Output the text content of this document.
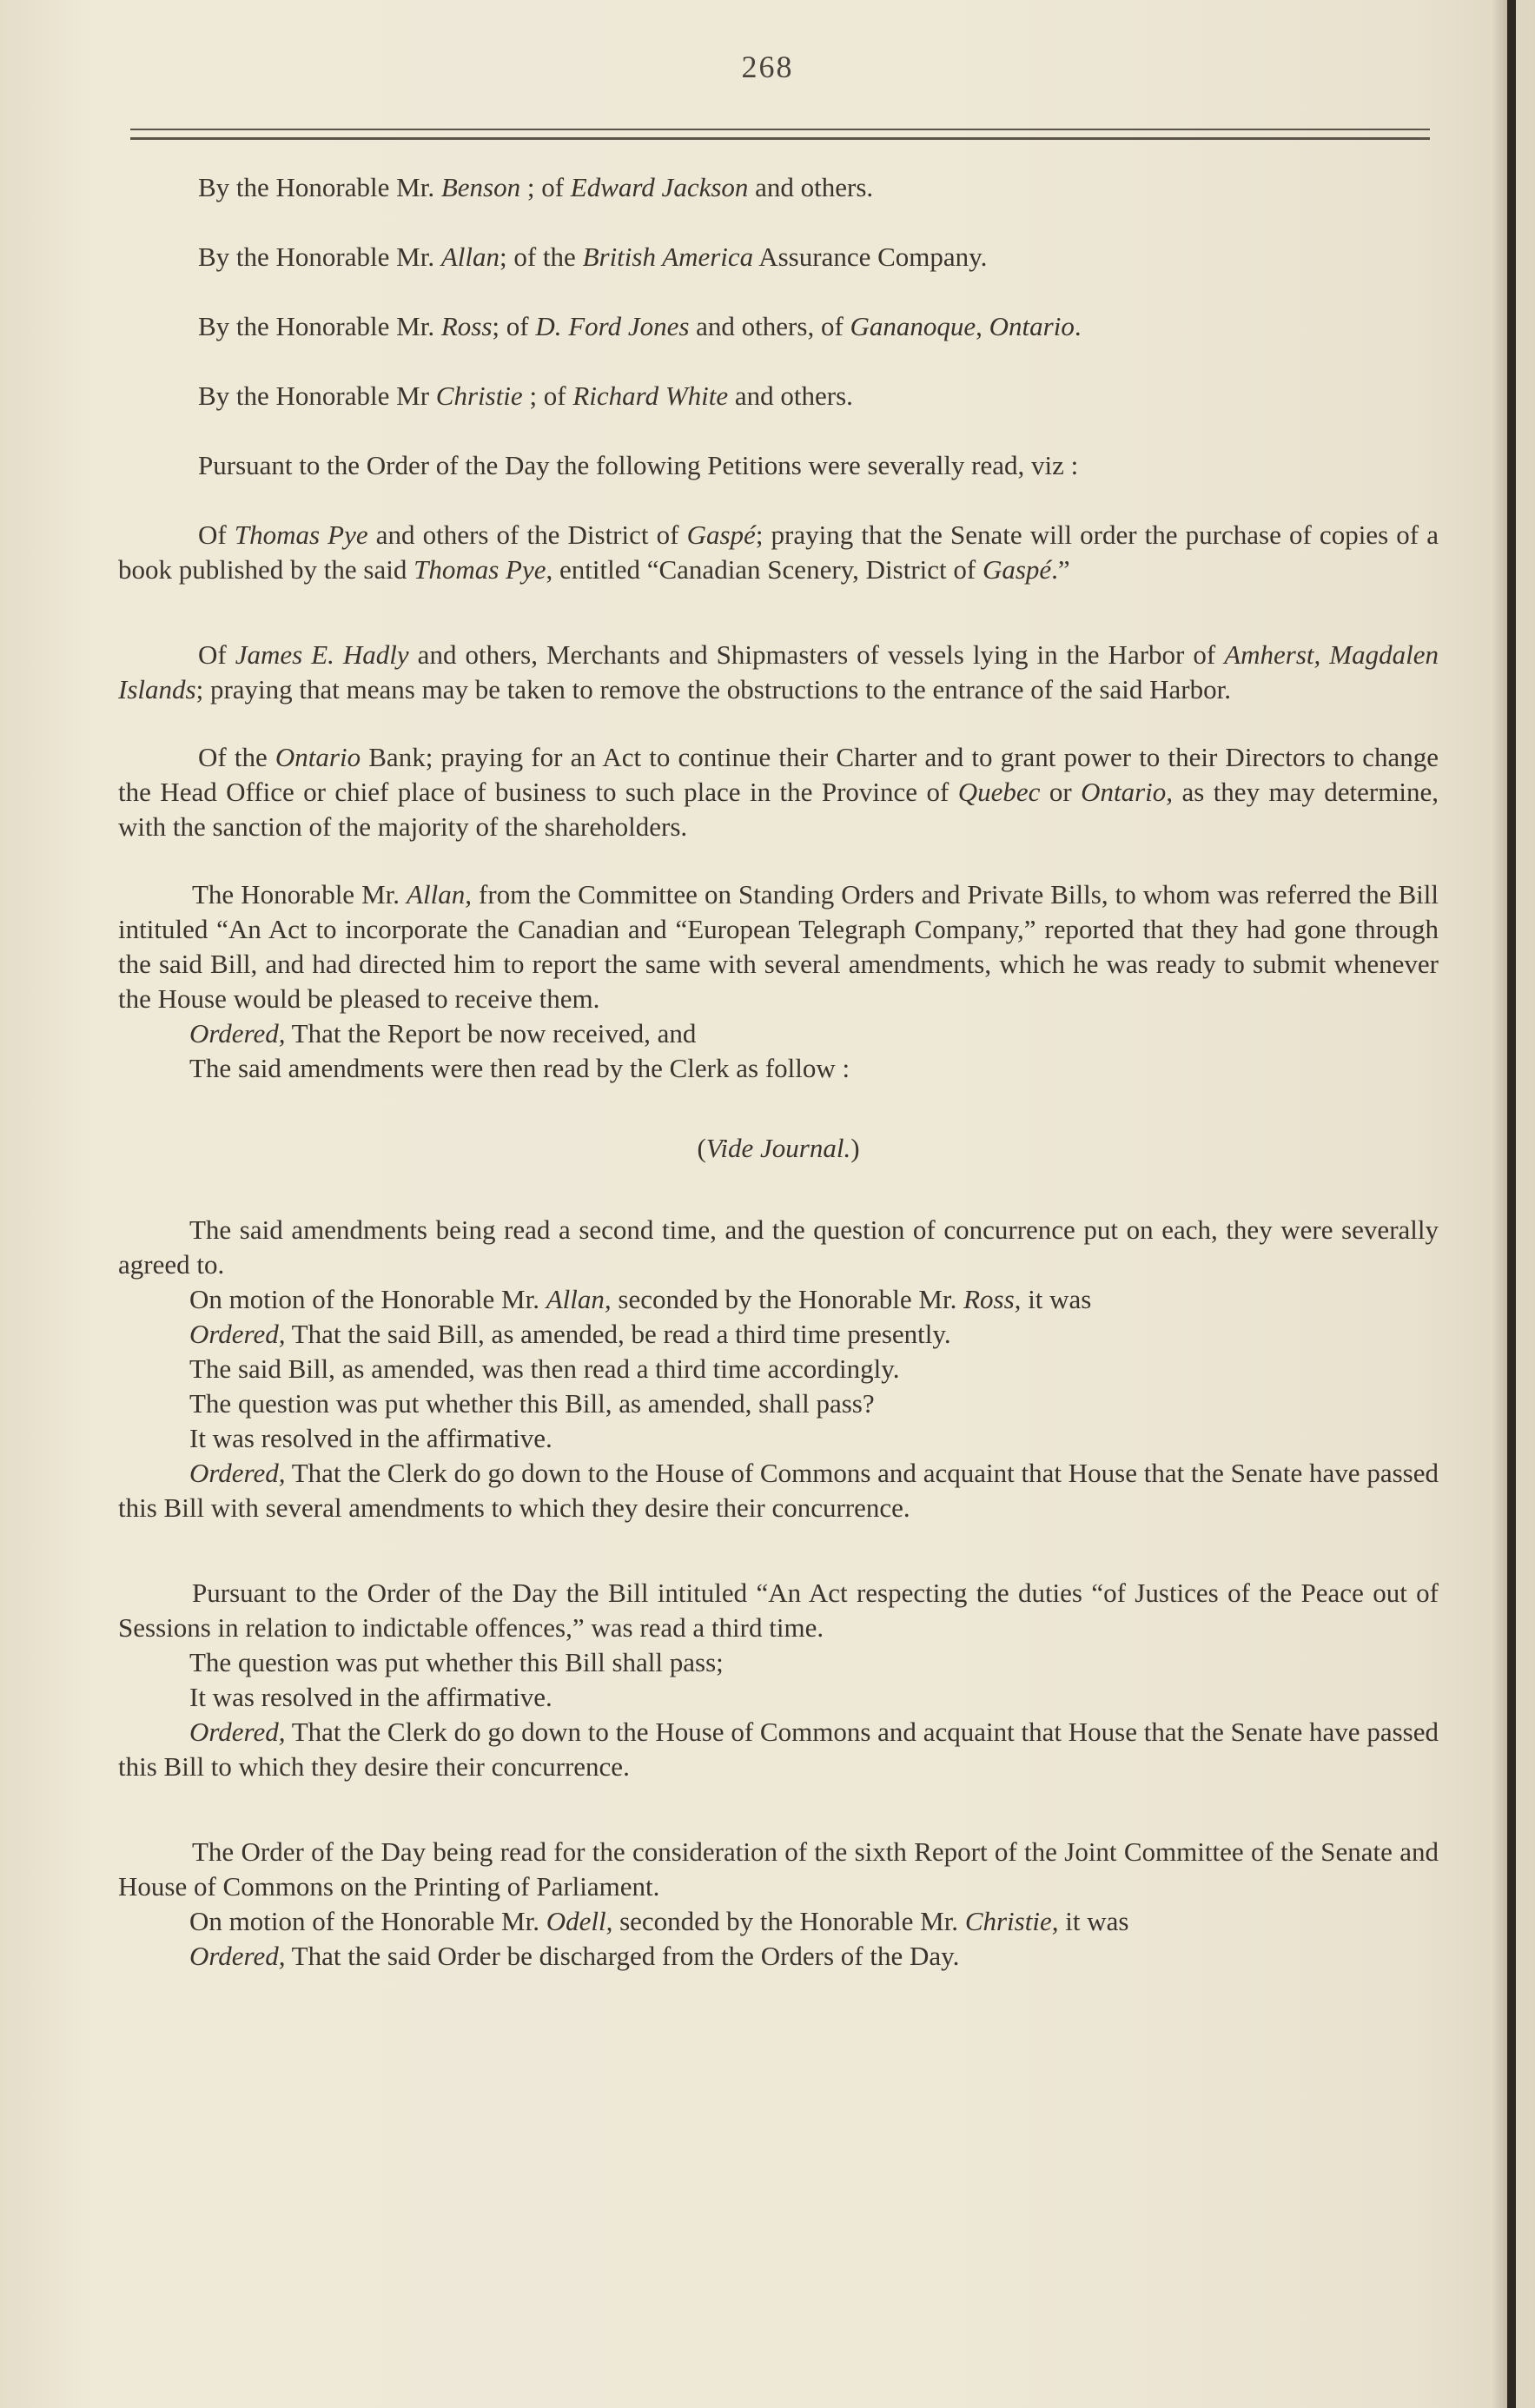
268

By the Honorable Mr. Benson ; of Edward Jackson and others.

By the Honorable Mr. Allan; of the British America Assurance Company.

By the Honorable Mr. Ross; of D. Ford Jones and others, of Gananoque, Ontario.

By the Honorable Mr Christie ; of Richard White and others.

Pursuant to the Order of the Day the following Petitions were severally read, viz :

Of Thomas Pye and others of the District of Gaspé; praying that the Senate will order the purchase of copies of a book published by the said Thomas Pye, entitled “Canadian Scenery, District of Gaspé.”

Of James E. Hadly and others, Merchants and Shipmasters of vessels lying in the Harbor of Amherst, Magdalen Islands; praying that means may be taken to remove the obstructions to the entrance of the said Harbor.

Of the Ontario Bank; praying for an Act to continue their Charter and to grant power to their Directors to change the Head Office or chief place of business to such place in the Province of Quebec or Ontario, as they may determine, with the sanction of the majority of the shareholders.

The Honorable Mr. Allan, from the Committee on Standing Orders and Private Bills, to whom was referred the Bill intituled “An Act to incorporate the Canadian and “European Telegraph Company,” reported that they had gone through the said Bill, and had directed him to report the same with several amendments, which he was ready to submit whenever the House would be pleased to receive them.

Ordered, That the Report be now received, and

The said amendments were then read by the Clerk as follow :

(Vide Journal.)

The said amendments being read a second time, and the question of concurrence put on each, they were severally agreed to.

On motion of the Honorable Mr. Allan, seconded by the Honorable Mr. Ross, it was

Ordered, That the said Bill, as amended, be read a third time presently.

The said Bill, as amended, was then read a third time accordingly.

The question was put whether this Bill, as amended, shall pass?

It was resolved in the affirmative.

Ordered, That the Clerk do go down to the House of Commons and acquaint that House that the Senate have passed this Bill with several amendments to which they desire their concurrence.

Pursuant to the Order of the Day the Bill intituled “An Act respecting the duties “of Justices of the Peace out of Sessions in relation to indictable offences,” was read a third time.

The question was put whether this Bill shall pass;

It was resolved in the affirmative.

Ordered, That the Clerk do go down to the House of Commons and acquaint that House that the Senate have passed this Bill to which they desire their concurrence.

The Order of the Day being read for the consideration of the sixth Report of the Joint Committee of the Senate and House of Commons on the Printing of Parliament.

On motion of the Honorable Mr. Odell, seconded by the Honorable Mr. Christie, it was

Ordered, That the said Order be discharged from the Orders of the Day.
